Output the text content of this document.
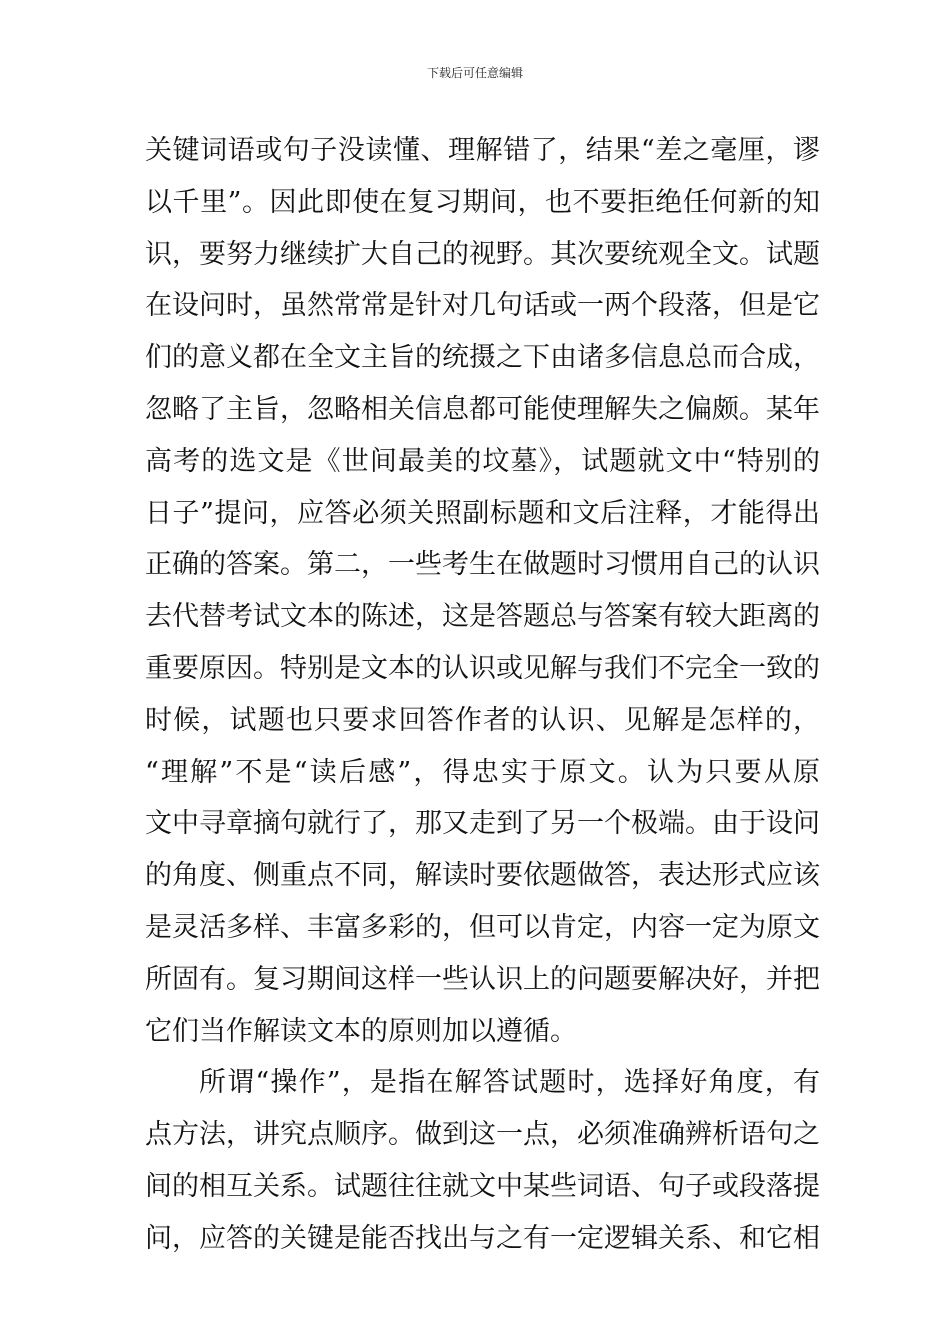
下载后可任意编辑
关键词语或句子没读懂、理解错了，结果“差之毫厘，谬
以千里”。因此即使在复习期间，也不要拒绝任何新的知
识，要努力继续扩大自己的视野。其次要统观全文。试题
在设问时，虽然常常是针对几句话或一两个段落，但是它
们的意义都在全文主旨的统摄之下由诸多信息总而合成，
忽略了主旨，忽略相关信息都可能使理解失之偏颇。某年
高考的选文是《世间最美的坟墓》，试题就文中“特别的
日子”提问，应答必须关照副标题和文后注释，才能得出
正确的答案。第二，一些考生在做题时习惯用自己的认识
去代替考试文本的陈述，这是答题总与答案有较大距离的
重要原因。特别是文本的认识或见解与我们不完全一致的
时候，试题也只要求回答作者的认识、见解是怎样的，
“理解”不是“读后感”，得忠实于原文。认为只要从原
文中寻章摘句就行了，那又走到了另一个极端。由于设问
的角度、侧重点不同，解读时要依题做答，表达形式应该
是灵活多样、丰富多彩的，但可以肯定，内容一定为原文
所固有。复习期间这样一些认识上的问题要解决好，并把
它们当作解读文本的原则加以遵循。
所谓“操作”，是指在解答试题时，选择好角度，有
点方法，讲究点顺序。做到这一点，必须准确辨析语句之
间的相互关系。试题往往就文中某些词语、句子或段落提
问，应答的关键是能否找出与之有一定逻辑关系、和它相
